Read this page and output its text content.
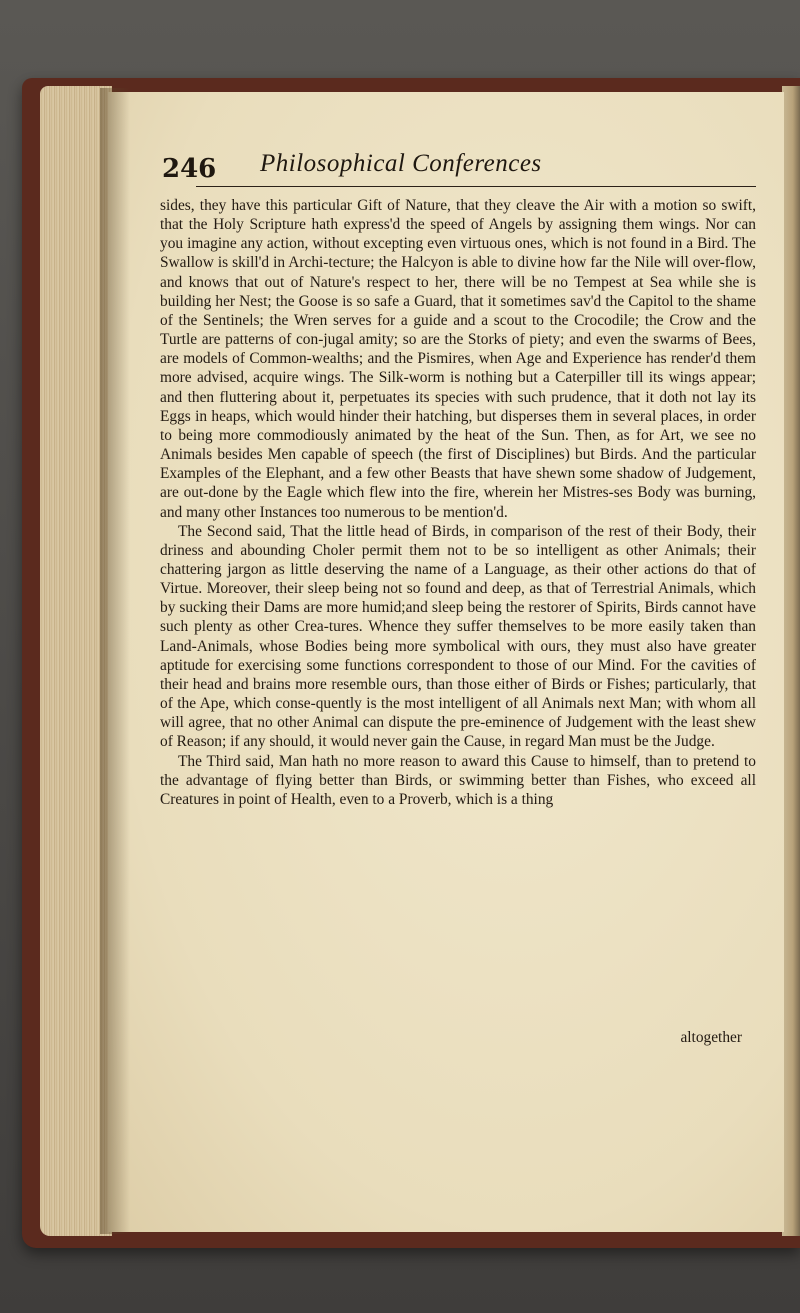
246 Philosophical Conferences

sides, they have this particular Gift of Nature, that they cleave the Air with a motion so swift, that the Holy Scripture hath express'd the speed of Angels by assigning them wings. Nor can you imagine any action, without excepting even virtuous ones, which is not found in a Bird. The Swallow is skill'd in Archi-tecture; the Halcyon is able to divine how far the Nile will over-flow, and knows that out of Nature's respect to her, there will be no Tempest at Sea while she is building her Nest; the Goose is so safe a Guard, that it sometimes sav'd the Capitol to the shame of the Sentinels; the Wren serves for a guide and a scout to the Crocodile; the Crow and the Turtle are patterns of con-jugal amity; so are the Storks of piety; and even the swarms of Bees, are models of Common-wealths; and the Pismires, when Age and Experience has render'd them more advised, acquire wings. The Silk-worm is nothing but a Caterpiller till its wings appear; and then fluttering about it, perpetuates its species with such prudence, that it doth not lay its Eggs in heaps, which would hinder their hatching, but disperses them in several places, in order to being more commodiously animated by the heat of the Sun. Then, as for Art, we see no Animals besides Men capable of speech (the first of Disciplines) but Birds. And the particular Examples of the Elephant, and a few other Beasts that have shewn some shadow of Judgement, are out-done by the Eagle which flew into the fire, wherein her Mistres-ses Body was burning, and many other Instances too numerous to be mention'd.

The Second said, That the little head of Birds, in comparison of the rest of their Body, their driness and abounding Choler permit them not to be so intelligent as other Animals; their chattering jargon as little deserving the name of a Language, as their other actions do that of Virtue. Moreover, their sleep being not so found and deep, as that of Terrestrial Animals, which by sucking their Dams are more humid;and sleep being the restorer of Spirits, Birds cannot have such plenty as other Crea-tures. Whence they suffer themselves to be more easily taken than Land-Animals, whose Bodies being more symbolical with ours, they must also have greater aptitude for exercising some functions correspondent to those of our Mind. For the cavities of their head and brains more resemble ours, than those either of Birds or Fishes; particularly, that of the Ape, which conse-quently is the most intelligent of all Animals next Man; with whom all will agree, that no other Animal can dispute the pre-eminence of Judgement with the least shew of Reason; if any should, it would never gain the Cause, in regard Man must be the Judge.

The Third said, Man hath no more reason to award this Cause to himself, than to pretend to the advantage of flying better than Birds, or swimming better than Fishes, who exceed all Creatures in point of Health, even to a Proverb, which is a thing

altogether
